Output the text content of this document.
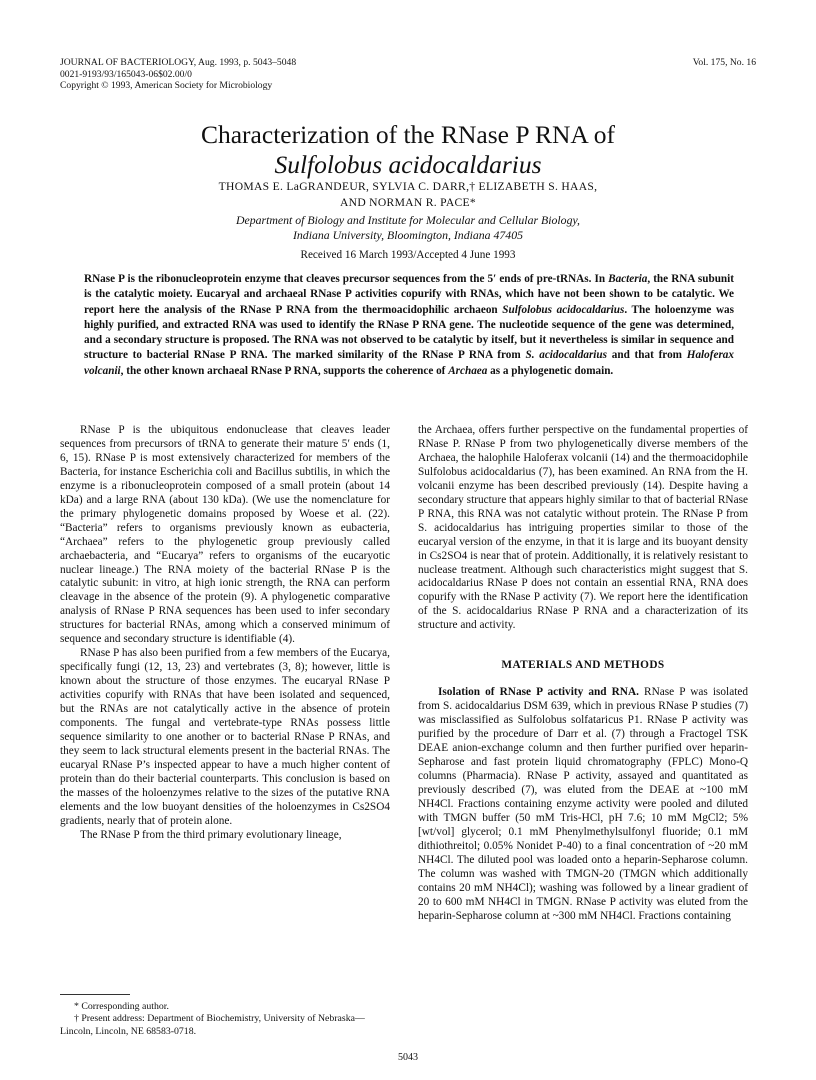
JOURNAL OF BACTERIOLOGY, Aug. 1993, p. 5043–5048
0021-9193/93/165043-06$02.00/0
Copyright © 1993, American Society for Microbiology
Vol. 175, No. 16
Characterization of the RNase P RNA of
Sulfolobus acidocaldarius
THOMAS E. LaGRANDEUR, SYLVIA C. DARR,† ELIZABETH S. HAAS,
AND NORMAN R. PACE*
Department of Biology and Institute for Molecular and Cellular Biology,
Indiana University, Bloomington, Indiana 47405
Received 16 March 1993/Accepted 4 June 1993
RNase P is the ribonucleoprotein enzyme that cleaves precursor sequences from the 5′ ends of pre-tRNAs. In Bacteria, the RNA subunit is the catalytic moiety. Eucaryal and archaeal RNase P activities copurify with RNAs, which have not been shown to be catalytic. We report here the analysis of the RNase P RNA from the thermoacidophilic archaeon Sulfolobus acidocaldarius. The holoenzyme was highly purified, and extracted RNA was used to identify the RNase P RNA gene. The nucleotide sequence of the gene was determined, and a secondary structure is proposed. The RNA was not observed to be catalytic by itself, but it nevertheless is similar in sequence and structure to bacterial RNase P RNA. The marked similarity of the RNase P RNA from S. acidocaldarius and that from Haloferax volcanii, the other known archaeal RNase P RNA, supports the coherence of Archaea as a phylogenetic domain.

RNase P is the ubiquitous endonuclease that cleaves leader sequences from precursors of tRNA to generate their mature 5′ ends (1, 6, 15). RNase P is most extensively characterized for members of the Bacteria, for instance Escherichia coli and Bacillus subtilis, in which the enzyme is a ribonucleoprotein composed of a small protein (about 14 kDa) and a large RNA (about 130 kDa). (We use the nomenclature for the primary phylogenetic domains proposed by Woese et al. (22). “Bacteria” refers to organisms previously known as eubacteria, “Archaea” refers to the phylogenetic group previously called archaebacteria, and “Eucarya” refers to organisms of the eucaryotic nuclear lineage.) The RNA moiety of the bacterial RNase P is the catalytic subunit: in vitro, at high ionic strength, the RNA can perform cleavage in the absence of the protein (9). A phylogenetic comparative analysis of RNase P RNA sequences has been used to infer secondary structures for bacterial RNAs, among which a conserved minimum of sequence and secondary structure is identifiable (4).

RNase P has also been purified from a few members of the Eucarya, specifically fungi (12, 13, 23) and vertebrates (3, 8); however, little is known about the structure of those enzymes. The eucaryal RNase P activities copurify with RNAs that have been isolated and sequenced, but the RNAs are not catalytically active in the absence of protein components. The fungal and vertebrate-type RNAs possess little sequence similarity to one another or to bacterial RNase P RNAs, and they seem to lack structural elements present in the bacterial RNAs. The eucaryal RNase P’s inspected appear to have a much higher content of protein than do their bacterial counterparts. This conclusion is based on the masses of the holoenzymes relative to the sizes of the putative RNA elements and the low buoyant densities of the holoenzymes in Cs2SO4 gradients, nearly that of protein alone.

The RNase P from the third primary evolutionary lineage,

the Archaea, offers further perspective on the fundamental properties of RNase P. RNase P from two phylogenetically diverse members of the Archaea, the halophile Haloferax volcanii (14) and the thermoacidophile Sulfolobus acidocaldarius (7), has been examined. An RNA from the H. volcanii enzyme has been described previously (14). Despite having a secondary structure that appears highly similar to that of bacterial RNase P RNA, this RNA was not catalytic without protein. The RNase P from S. acidocaldarius has intriguing properties similar to those of the eucaryal version of the enzyme, in that it is large and its buoyant density in Cs2SO4 is near that of protein. Additionally, it is relatively resistant to nuclease treatment. Although such characteristics might suggest that S. acidocaldarius RNase P does not contain an essential RNA, RNA does copurify with the RNase P activity (7). We report here the identification of the S. acidocaldarius RNase P RNA and a characterization of its structure and activity.

MATERIALS AND METHODS

Isolation of RNase P activity and RNA. RNase P was isolated from S. acidocaldarius DSM 639, which in previous RNase P studies (7) was misclassified as Sulfolobus solfataricus P1. RNase P activity was purified by the procedure of Darr et al. (7) through a Fractogel TSK DEAE anion-exchange column and then further purified over heparin-Sepharose and fast protein liquid chromatography (FPLC) Mono-Q columns (Pharmacia). RNase P activity, assayed and quantitated as previously described (7), was eluted from the DEAE at ~100 mM NH4Cl. Fractions containing enzyme activity were pooled and diluted with TMGN buffer (50 mM Tris-HCl, pH 7.6; 10 mM MgCl2; 5% [wt/vol] glycerol; 0.1 mM Phenylmethylsulfonyl fluoride; 0.1 mM dithiothreitol; 0.05% Nonidet P-40) to a final concentration of ~20 mM NH4Cl. The diluted pool was loaded onto a heparin-Sepharose column. The column was washed with TMGN-20 (TMGN which additionally contains 20 mM NH4Cl); washing was followed by a linear gradient of 20 to 600 mM NH4Cl in TMGN. RNase P activity was eluted from the heparin-Sepharose column at ~300 mM NH4Cl. Fractions containing

* Corresponding author.
† Present address: Department of Biochemistry, University of Nebraska—Lincoln, Lincoln, NE 68583-0718.
5043
